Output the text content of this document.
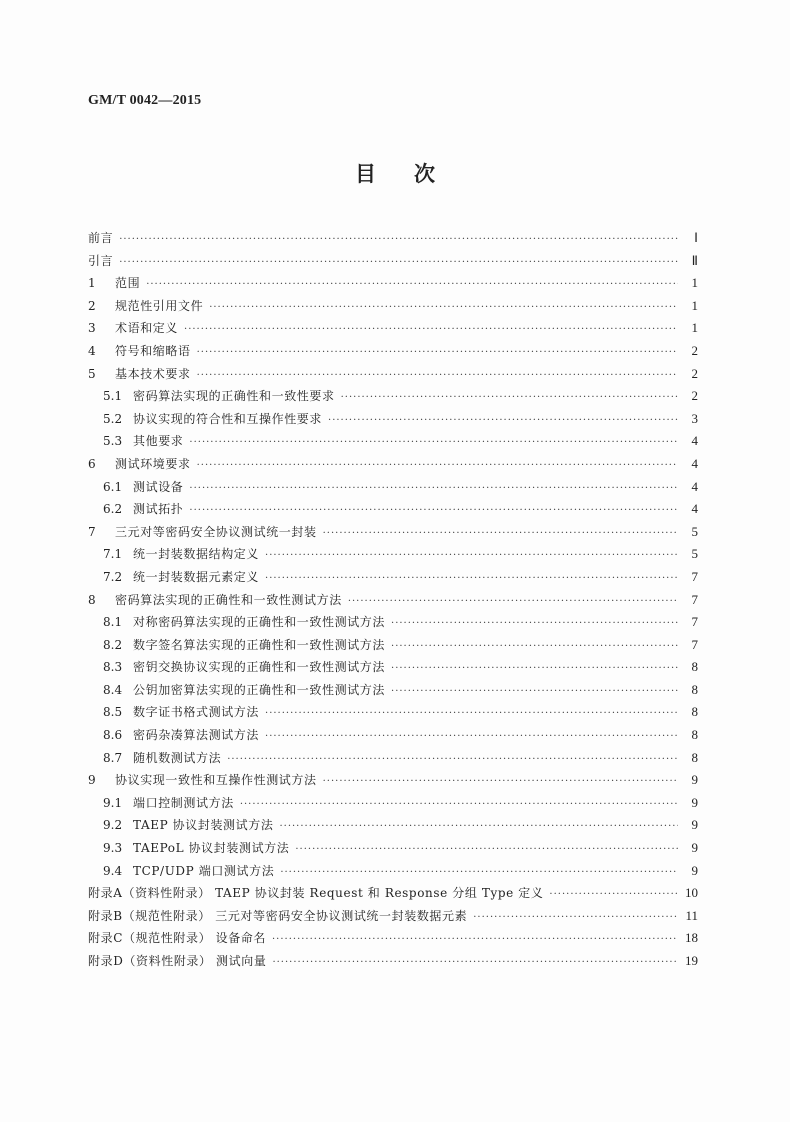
GM/T 0042—2015
目 次
前言 ·····	Ⅰ
引言 ·····	Ⅱ
1	范围 ·····	1
2	规范性引用文件 ·····	1
3	术语和定义 ·····	1
4	符号和缩略语 ·····	2
5	基本技术要求 ·····	2
5.1 密码算法实现的正确性和一致性要求 ·····	2
5.2 协议实现的符合性和互操作性要求 ·····	3
5.3 其他要求 ·····	4
6	测试环境要求 ·····	4
6.1 测试设备 ·····	4
6.2 测试拓扑 ·····	4
7	三元对等密码安全协议测试统一封装 ·····	5
7.1 统一封装数据结构定义 ·····	5
7.2 统一封装数据元素定义 ·····	7
8	密码算法实现的正确性和一致性测试方法 ·····	7
8.1 对称密码算法实现的正确性和一致性测试方法 ·····	7
8.2 数字签名算法实现的正确性和一致性测试方法 ·····	7
8.3 密钥交换协议实现的正确性和一致性测试方法 ·····	8
8.4 公钥加密算法实现的正确性和一致性测试方法 ·····	8
8.5 数字证书格式测试方法 ·····	8
8.6 密码杂凑算法测试方法 ·····	8
8.7 随机数测试方法 ·····	8
9	协议实现一致性和互操作性测试方法 ·····	9
9.1 端口控制测试方法 ·····	9
9.2 TAEP 协议封装测试方法 ·····	9
9.3 TAEPoL 协议封装测试方法 ·····	9
9.4 TCP/UDP 端口测试方法 ·····	9
附录A（资料性附录） TAEP 协议封装 Request 和 Response 分组 Type 定义 ·····	10
附录B（规范性附录） 三元对等密码安全协议测试统一封装数据元素 ·····	11
附录C（规范性附录） 设备命名 ·····	18
附录D（资料性附录） 测试向量 ·····	19
